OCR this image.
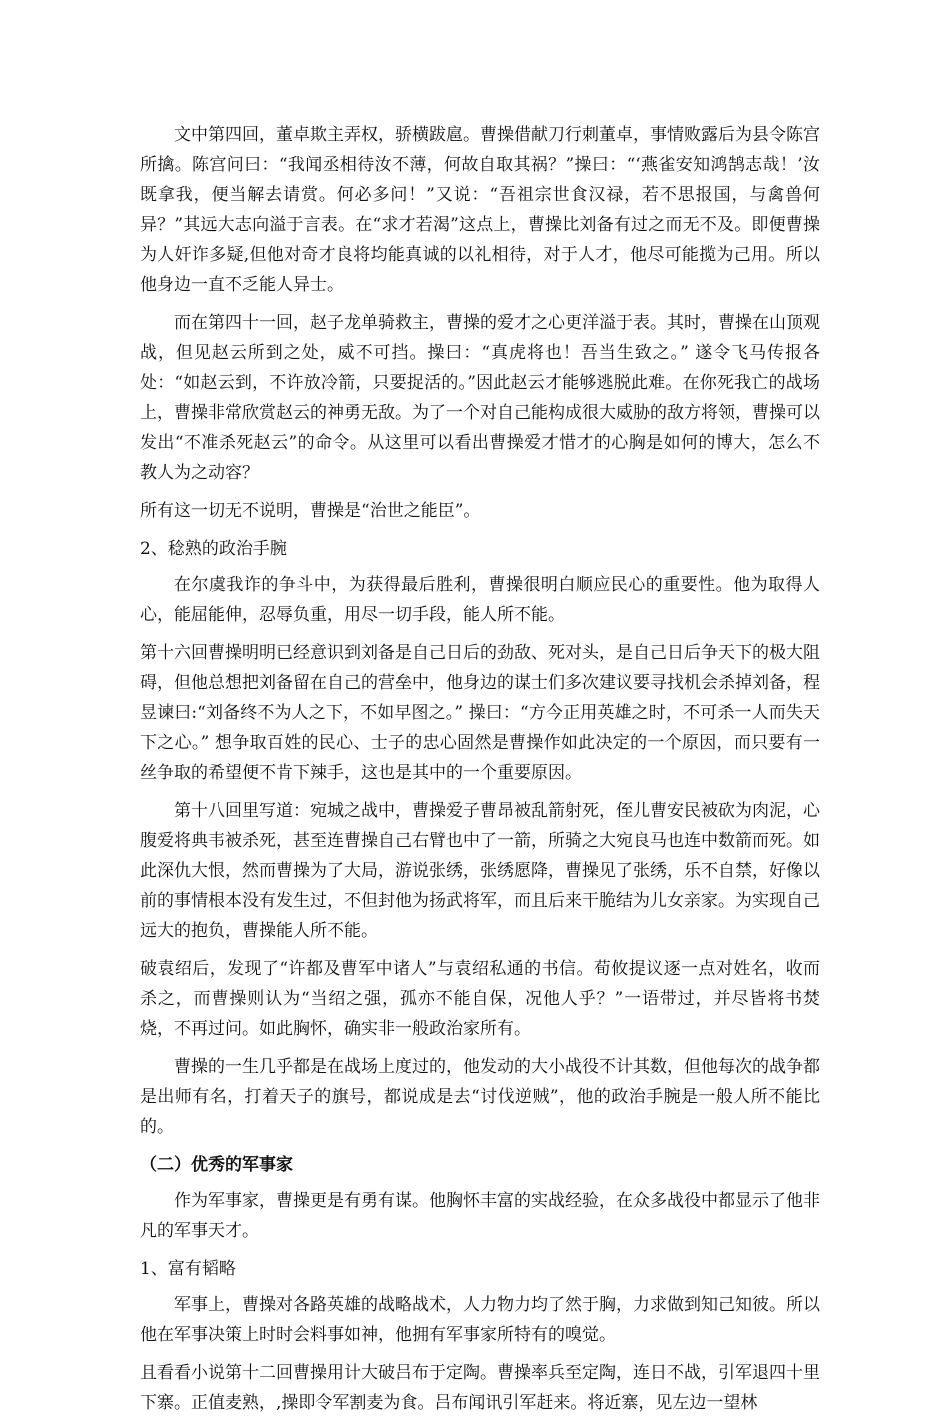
文中第四回，董卓欺主弄权，骄横跋扈。曹操借献刀行刺董卓，事情败露后为县令陈宫所擒。陈宫问曰：“我闻丞相待汝不薄，何故自取其祸？”操曰：“‘燕雀安知鸿鹄志哉！’汝既拿我，便当解去请赏。何必多问！”又说：“吾祖宗世食汉禄，若不思报国，与禽兽何异？”其远大志向溢于言表。在“求才若渴”这点上，曹操比刘备有过之而无不及。即便曹操为人奸诈多疑,但他对奇才良将均能真诚的以礼相待，对于人才，他尽可能揽为己用。所以他身边一直不乏能人异士。

而在第四十一回，赵子龙单骑救主，曹操的爱才之心更洋溢于表。其时，曹操在山顶观战，但见赵云所到之处，威不可挡。操曰：“真虎将也！吾当生致之。” 遂令飞马传报各处：“如赵云到，不许放冷箭，只要捉活的。”因此赵云才能够逃脱此难。在你死我亡的战场上，曹操非常欣赏赵云的神勇无敌。为了一个对自己能构成很大威胁的敌方将领，曹操可以发出“不准杀死赵云”的命令。从这里可以看出曹操爱才惜才的心胸是如何的博大，怎么不教人为之动容？

所有这一切无不说明，曹操是“治世之能臣”。

2、稔熟的政治手腕

在尔虞我诈的争斗中，为获得最后胜利，曹操很明白顺应民心的重要性。他为取得人心，能屈能伸，忍辱负重，用尽一切手段，能人所不能。

第十六回曹操明明已经意识到刘备是自己日后的劲敌、死对头，是自己日后争天下的极大阻碍，但他总想把刘备留在自己的营垒中，他身边的谋士们多次建议要寻找机会杀掉刘备，程昱谏曰:“刘备终不为人之下，不如早图之。” 操曰：“方今正用英雄之时，不可杀一人而失天下之心。” 想争取百姓的民心、士子的忠心固然是曹操作如此决定的一个原因，而只要有一丝争取的希望便不肯下辣手，这也是其中的一个重要原因。

第十八回里写道：宛城之战中，曹操爱子曹昂被乱箭射死，侄儿曹安民被砍为肉泥，心腹爱将典韦被杀死，甚至连曹操自己右臂也中了一箭，所骑之大宛良马也连中数箭而死。如此深仇大恨，然而曹操为了大局，游说张绣，张绣愿降，曹操见了张绣，乐不自禁，好像以前的事情根本没有发生过，不但封他为扬武将军，而且后来干脆结为儿女亲家。为实现自己远大的抱负，曹操能人所不能。

破袁绍后，发现了“许都及曹军中诸人”与袁绍私通的书信。荀攸提议逐一点对姓名，收而杀之，而曹操则认为“当绍之强，孤亦不能自保，况他人乎？”一语带过，并尽皆将书焚烧，不再过问。如此胸怀，确实非一般政治家所有。

曹操的一生几乎都是在战场上度过的，他发动的大小战役不计其数，但他每次的战争都是出师有名，打着天子的旗号，都说成是去“讨伐逆贼”，他的政治手腕是一般人所不能比的。

（二）优秀的军事家

作为军事家，曹操更是有勇有谋。他胸怀丰富的实战经验，在众多战役中都显示了他非凡的军事天才。

1、富有韬略

军事上，曹操对各路英雄的战略战术，人力物力均了然于胸，力求做到知己知彼。所以他在军事决策上时时会料事如神，他拥有军事家所特有的嗅觉。

且看看小说第十二回曹操用计大破吕布于定陶。曹操率兵至定陶，连日不战，引军退四十里下寨。正值麦熟，,操即令军割麦为食。吕布闻讯引军赶来。将近寨，见左边一望林
